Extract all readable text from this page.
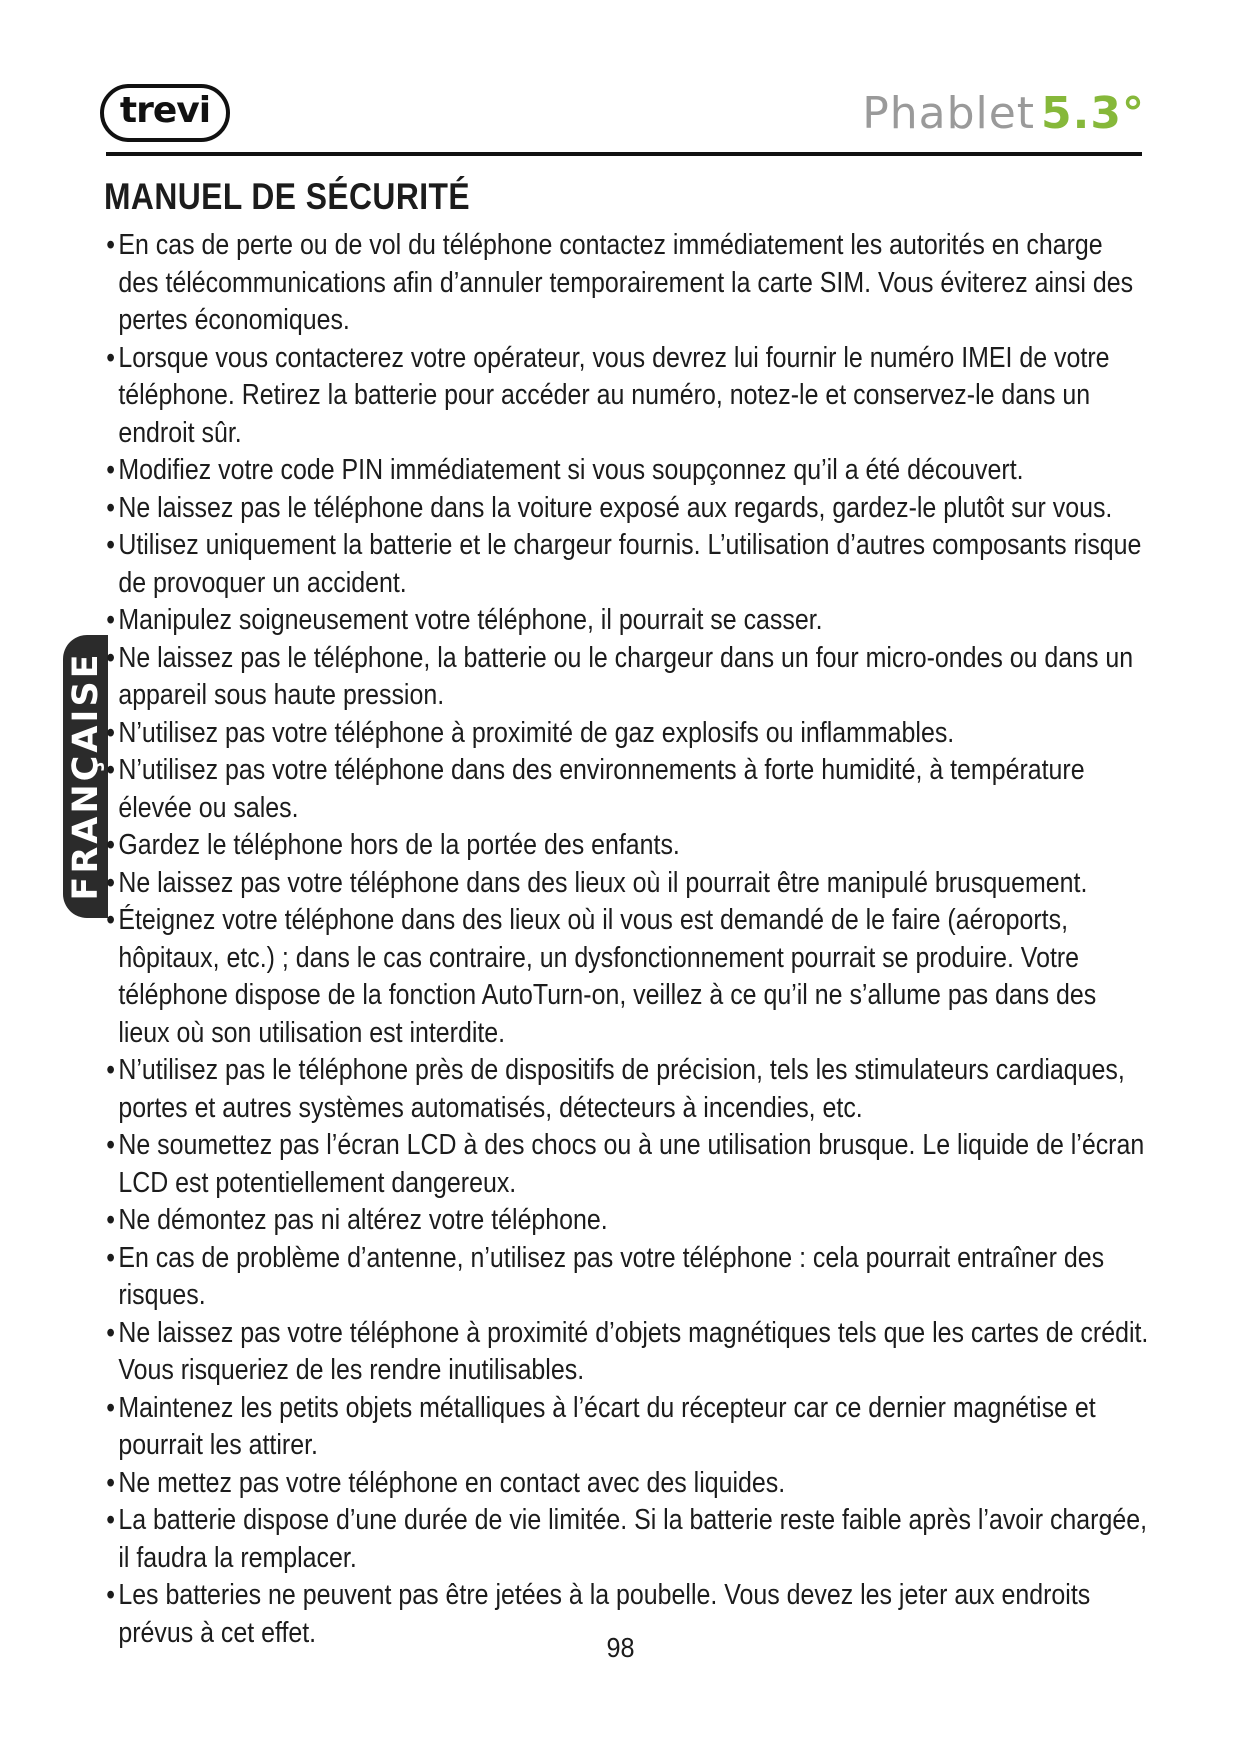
trevi	Phablet 5.3°
MANUEL DE SÉCURITÉ
FRANÇAISE
• En cas de perte ou de vol du téléphone contactez immédiatement les autorités en charge des télécommunications afin d’annuler temporairement la carte SIM. Vous éviterez ainsi des pertes économiques.
• Lorsque vous contacterez votre opérateur, vous devrez lui fournir le numéro IMEI de votre téléphone. Retirez la batterie pour accéder au numéro, notez-le et conservez-le dans un endroit sûr.
• Modifiez votre code PIN immédiatement si vous soupçonnez qu’il a été découvert.
• Ne laissez pas le téléphone dans la voiture exposé aux regards, gardez-le plutôt sur vous.
• Utilisez uniquement la batterie et le chargeur fournis. L’utilisation d’autres composants risque de provoquer un accident.
• Manipulez soigneusement votre téléphone, il pourrait se casser.
• Ne laissez pas le téléphone, la batterie ou le chargeur dans un four micro-ondes ou dans un appareil sous haute pression.
• N’utilisez pas votre téléphone à proximité de gaz explosifs ou inflammables.
• N’utilisez pas votre téléphone dans des environnements à forte humidité, à température élevée ou sales.
• Gardez le téléphone hors de la portée des enfants.
• Ne laissez pas votre téléphone dans des lieux où il pourrait être manipulé brusquement.
• Éteignez votre téléphone dans des lieux où il vous est demandé de le faire (aéroports, hôpitaux, etc.) ; dans le cas contraire, un dysfonctionnement pourrait se produire. Votre téléphone dispose de la fonction AutoTurn-on, veillez à ce qu’il ne s’allume pas dans des lieux où son utilisation est interdite.
• N’utilisez pas le téléphone près de dispositifs de précision, tels les stimulateurs cardiaques, portes et autres systèmes automatisés, détecteurs à incendies, etc.
• Ne soumettez pas l’écran LCD à des chocs ou à une utilisation brusque. Le liquide de l’écran LCD est potentiellement dangereux.
• Ne démontez pas ni altérez votre téléphone.
• En cas de problème d’antenne, n’utilisez pas votre téléphone : cela pourrait entraîner des risques.
• Ne laissez pas votre téléphone à proximité d’objets magnétiques tels que les cartes de crédit. Vous risqueriez de les rendre inutilisables.
• Maintenez les petits objets métalliques à l’écart du récepteur car ce dernier magnétise et pourrait les attirer.
• Ne mettez pas votre téléphone en contact avec des liquides.
• La batterie dispose d’une durée de vie limitée. Si la batterie reste faible après l’avoir chargée, il faudra la remplacer.
• Les batteries ne peuvent pas être jetées à la poubelle. Vous devez les jeter aux endroits prévus à cet effet.	98
